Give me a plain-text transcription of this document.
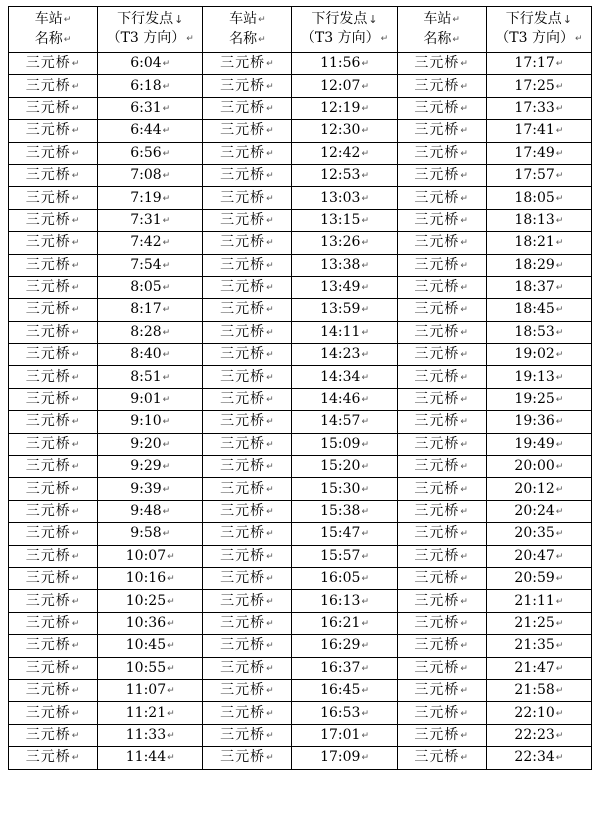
车站↵
名称↵	下行发点↓
（T3 方向）↵	车站↵
名称↵	下行发点↓
（T3 方向）↵	车站↵
名称↵	下行发点↓
（T3 方向）↵

三元桥↵	6:04↵	三元桥↵	11:56↵	三元桥↵	17:17↵
三元桥↵	6:18↵	三元桥↵	12:07↵	三元桥↵	17:25↵
三元桥↵	6:31↵	三元桥↵	12:19↵	三元桥↵	17:33↵
三元桥↵	6:44↵	三元桥↵	12:30↵	三元桥↵	17:41↵
三元桥↵	6:56↵	三元桥↵	12:42↵	三元桥↵	17:49↵
三元桥↵	7:08↵	三元桥↵	12:53↵	三元桥↵	17:57↵
三元桥↵	7:19↵	三元桥↵	13:03↵	三元桥↵	18:05↵
三元桥↵	7:31↵	三元桥↵	13:15↵	三元桥↵	18:13↵
三元桥↵	7:42↵	三元桥↵	13:26↵	三元桥↵	18:21↵
三元桥↵	7:54↵	三元桥↵	13:38↵	三元桥↵	18:29↵
三元桥↵	8:05↵	三元桥↵	13:49↵	三元桥↵	18:37↵
三元桥↵	8:17↵	三元桥↵	13:59↵	三元桥↵	18:45↵
三元桥↵	8:28↵	三元桥↵	14:11↵	三元桥↵	18:53↵
三元桥↵	8:40↵	三元桥↵	14:23↵	三元桥↵	19:02↵
三元桥↵	8:51↵	三元桥↵	14:34↵	三元桥↵	19:13↵
三元桥↵	9:01↵	三元桥↵	14:46↵	三元桥↵	19:25↵
三元桥↵	9:10↵	三元桥↵	14:57↵	三元桥↵	19:36↵
三元桥↵	9:20↵	三元桥↵	15:09↵	三元桥↵	19:49↵
三元桥↵	9:29↵	三元桥↵	15:20↵	三元桥↵	20:00↵
三元桥↵	9:39↵	三元桥↵	15:30↵	三元桥↵	20:12↵
三元桥↵	9:48↵	三元桥↵	15:38↵	三元桥↵	20:24↵
三元桥↵	9:58↵	三元桥↵	15:47↵	三元桥↵	20:35↵
三元桥↵	10:07↵	三元桥↵	15:57↵	三元桥↵	20:47↵
三元桥↵	10:16↵	三元桥↵	16:05↵	三元桥↵	20:59↵
三元桥↵	10:25↵	三元桥↵	16:13↵	三元桥↵	21:11↵
三元桥↵	10:36↵	三元桥↵	16:21↵	三元桥↵	21:25↵
三元桥↵	10:45↵	三元桥↵	16:29↵	三元桥↵	21:35↵
三元桥↵	10:55↵	三元桥↵	16:37↵	三元桥↵	21:47↵
三元桥↵	11:07↵	三元桥↵	16:45↵	三元桥↵	21:58↵
三元桥↵	11:21↵	三元桥↵	16:53↵	三元桥↵	22:10↵
三元桥↵	11:33↵	三元桥↵	17:01↵	三元桥↵	22:23↵
三元桥↵	11:44↵	三元桥↵	17:09↵	三元桥↵	22:34↵
